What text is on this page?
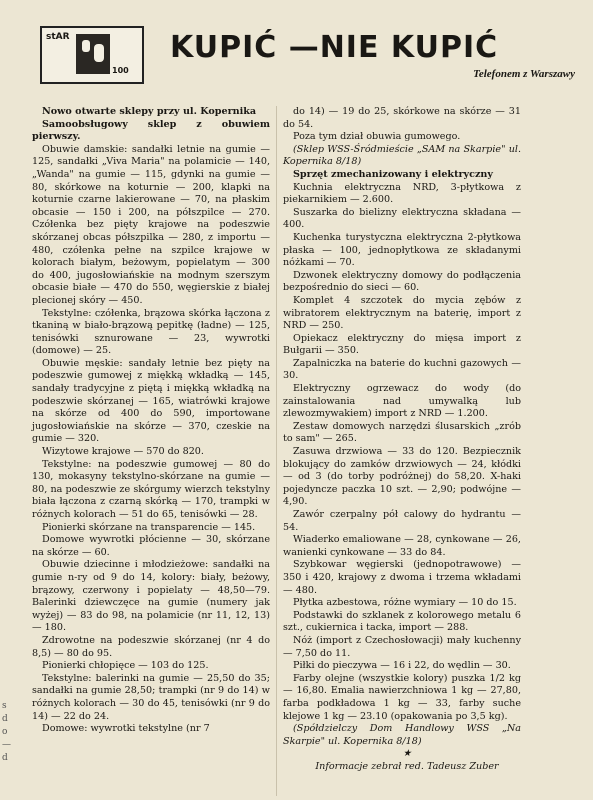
stAR
100
KUPIĆ —NIE KUPIĆ
Telefonem z Warszawy

Nowo otwarte sklepy przy ul. Kopernika

Samoobsługowy sklep z obuwiem pierwszy.

Obuwie damskie: sandałki letnie na gumie — 125, sandałki „Viva Maria" na polamicie — 140, „Wanda" na gumie — 115, gdynki na gumie — 80, skórkowe na koturnie — 200, klapki na koturnie czarne lakierowane — 70, na płaskim obcasie — 150 i 200, na półszpilce — 270. Czółenka bez pięty krajowe na podeszwie skórzanej obcas półszpilka — 280, z importu — 480, czółenka pełne na szpilce krajowe w kolorach białym, beżowym, popielatym — 300 do 400, jugosłowiańskie na modnym szerszym obcasie białe — 470 do 550, węgierskie z białej plecionej skóry — 450.

Tekstylne: czółenka, brązowa skórka łączona z tkaniną w biało-brązową pepitkę (ładne) — 125, tenisówki sznurowane — 23, wywrotki (domowe) — 25.

Obuwie męskie: sandały letnie bez pięty na podeszwie gumowej z miękką wkładką — 145, sandały tradycyjne z piętą i miękką wkładką na podeszwie skórzanej — 165, wiatrówki krajowe na skórze od 400 do 590, importowane jugosłowiańskie na skórze — 370, czeskie na gumie — 320.

Wizytowe krajowe — 570 do 820.

Tekstylne: na podeszwie gumowej — 80 do 130, mokasyny tekstylno-skórzane na gumie — 80, na podeszwie ze skórgumy wierzch tekstylny biała łączona z czarną skórką — 170, trampki w różnych kolorach — 51 do 65, tenisówki — 28.

Pionierki skórzane na transparencie — 145.

Domowe wywrotki płócienne — 30, skórzane na skórze — 60.

Obuwie dziecinne i młodzieżowe: sandałki na gumie n-ry od 9 do 14, kolory: biały, beżowy, brązowy, czerwony i popielaty — 48,50—79. Balerinki dziewczęce na gumie (numery jak wyżej) — 83 do 98, na polamicie (nr 11, 12, 13) — 180.

Zdrowotne na podeszwie skórzanej (nr 4 do 8,5) — 80 do 95.

Pionierki chłopięce — 103 do 125.

Tekstylne: balerinki na gumie — 25,50 do 35; sandałki na gumie 28,50; trampki (nr 9 do 14) w różnych kolorach — 30 do 45, tenisówki (nr 9 do 14) — 22 do 24.

Domowe: wywrotki tekstylne (nr 7

do 14) — 19 do 25, skórkowe na skórze — 31 do 54.

Poza tym dział obuwia gumowego.

(Sklep WSS-Śródmieście „SAM na Skarpie" ul. Kopernika 8/18)

Sprzęt zmechanizowany i elektryczny

Kuchnia elektryczna NRD, 3-płytkowa z piekarnikiem — 2.600.

Suszarka do bielizny elektryczna składana — 400.

Kuchenka turystyczna elektryczna 2-płytkowa płaska — 100, jednopłytkowa ze składanymi nóżkami — 70.

Dzwonek elektryczny domowy do podłączenia bezpośrednio do sieci — 60.

Komplet 4 szczotek do mycia zębów z wibratorem elektrycznym na baterię, import z NRD — 250.

Opiekacz elektryczny do mięsa import z Bułgarii — 350.

Zapalniczka na baterie do kuchni gazowych — 30.

Elektryczny ogrzewacz do wody (do zainstalowania nad umywalką lub zlewozmywakiem) import z NRD — 1.200.

Zestaw domowych narzędzi ślusarskich „zrób to sam" — 265.

Zasuwa drzwiowa — 33 do 120. Bezpiecznik blokujący do zamków drzwiowych — 24, kłódki — od 3 (do torby podróżnej) do 58,20. X-haki pojedyncze paczka 10 szt. — 2,90; podwójne — 4,90.

Zawór czerpalny pół calowy do hydrantu — 54.

Wiaderko emaliowane — 28, cynkowane — 26, wanienki cynkowane — 33 do 84.

Szybkowar węgierski (jednopotrawowe) — 350 i 420, krajowy z dwoma i trzema wkładami — 480.

Płytka azbestowa, różne wymiary — 10 do 15.

Podstawki do szklanek z kolorowego metalu 6 szt., cukiernica i tacka, import — 288.

Nóż (import z Czechosłowacji) mały kuchenny — 7,50 do 11.

Piłki do pieczywa — 16 i 22, do wędlin — 30.

Farby olejne (wszystkie kolory) puszka 1/2 kg — 16,80. Emalia nawierzchniowa 1 kg — 27,80, farba podkładowa 1 kg — 33, farby suche klejowe 1 kg — 23.10 (opakowania po 3,5 kg).

(Spółdzielczy Dom Handlowy WSS „Na Skarpie" ul. Kopernika 8/18)

★

Informacje zebrał red. Tadeusz Zuber

s
d
o
—
d
